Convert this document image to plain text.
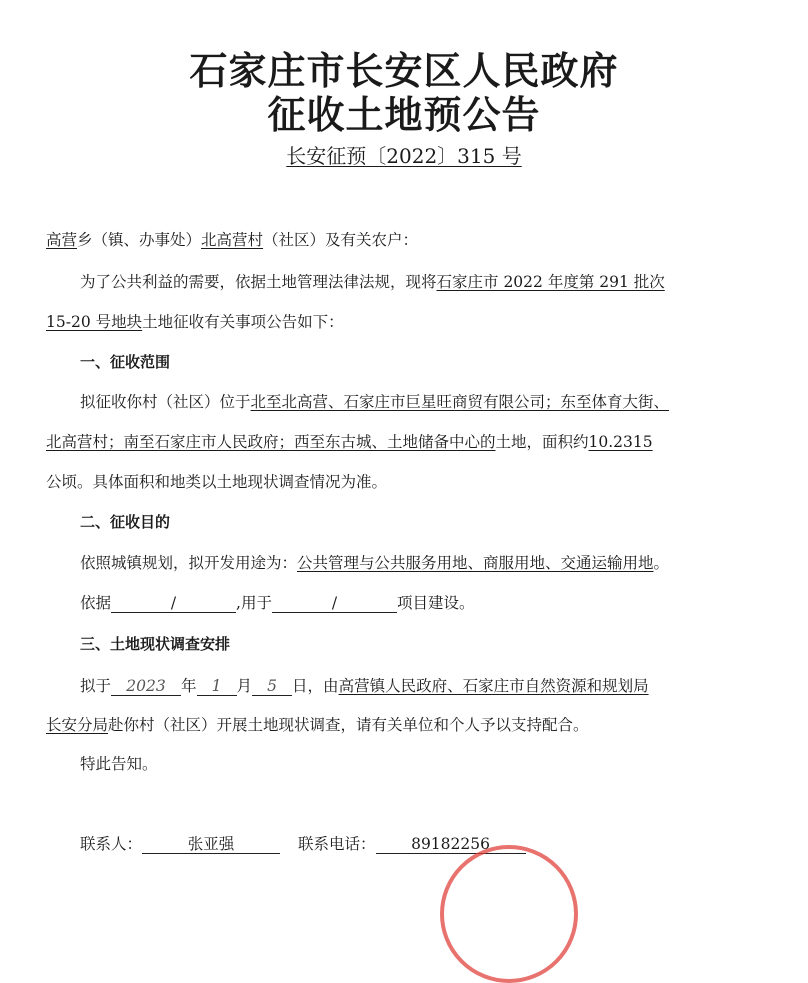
石家庄市长安区人民政府
征收土地预公告
长安征预〔2022〕315 号
高营乡（镇、办事处）北高营村（社区）及有关农户：
为了公共利益的需要，依据土地管理法律法规，现将石家庄市 2022 年度第 291 批次
15-20 号地块土地征收有关事项公告如下：
一、征收范围
拟征收你村（社区）位于北至北高营、石家庄市巨星旺商贸有限公司；东至体育大街、
北高营村；南至石家庄市人民政府；西至东古城、土地储备中心的土地，面积约10.2315
公顷。具体面积和地类以土地现状调查情况为准。
二、征收目的
依照城镇规划，拟开发用途为：公共管理与公共服务用地、商服用地、交通运输用地。
依据	/	,用于	/	项目建设。
三、土地现状调查安排
拟于 2023 年 1 月 5 日，由高营镇人民政府、石家庄市自然资源和规划局
长安分局赴你村（社区）开展土地现状调查，请有关单位和个人予以支持配合。
特此告知。
联系人：	张亚强	联系电话： 89182256
